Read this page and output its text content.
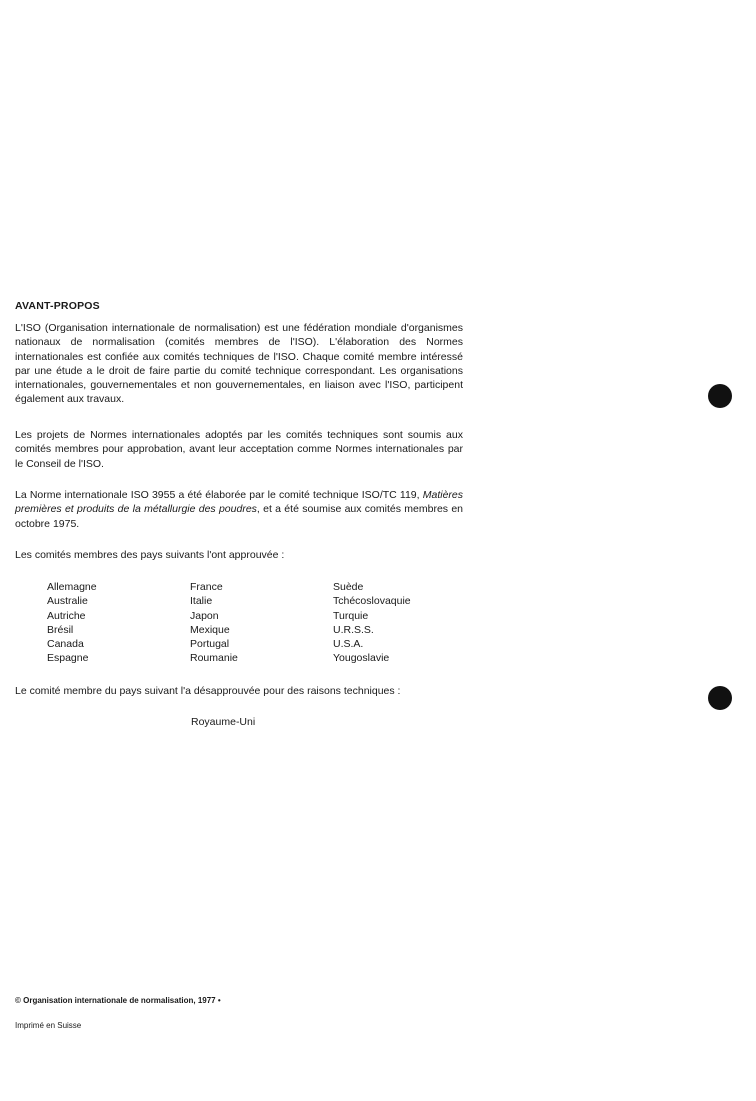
AVANT-PROPOS

L'ISO (Organisation internationale de normalisation) est une fédération mondiale d'organismes nationaux de normalisation (comités membres de l'ISO). L'élaboration des Normes internationales est confiée aux comités techniques de l'ISO. Chaque comité membre intéressé par une étude a le droit de faire partie du comité technique correspondant. Les organisations internationales, gouvernementales et non gouvernementales, en liaison avec l'ISO, participent également aux travaux.

Les projets de Normes internationales adoptés par les comités techniques sont soumis aux comités membres pour approbation, avant leur acceptation comme Normes internationales par le Conseil de l'ISO.

La Norme internationale ISO 3955 a été élaborée par le comité technique ISO/TC 119, Matières premières et produits de la métallurgie des poudres, et a été soumise aux comités membres en octobre 1975.

Les comités membres des pays suivants l'ont approuvée :

Allemagne
Australie
Autriche
Brésil
Canada
Espagne
France
Italie
Japon
Mexique
Portugal
Roumanie
Suède
Tchécoslovaquie
Turquie
U.R.S.S.
U.S.A.
Yougoslavie

Le comité membre du pays suivant l'a désapprouvée pour des raisons techniques :

Royaume-Uni
© Organisation internationale de normalisation, 1977 •
Imprimé en Suisse
